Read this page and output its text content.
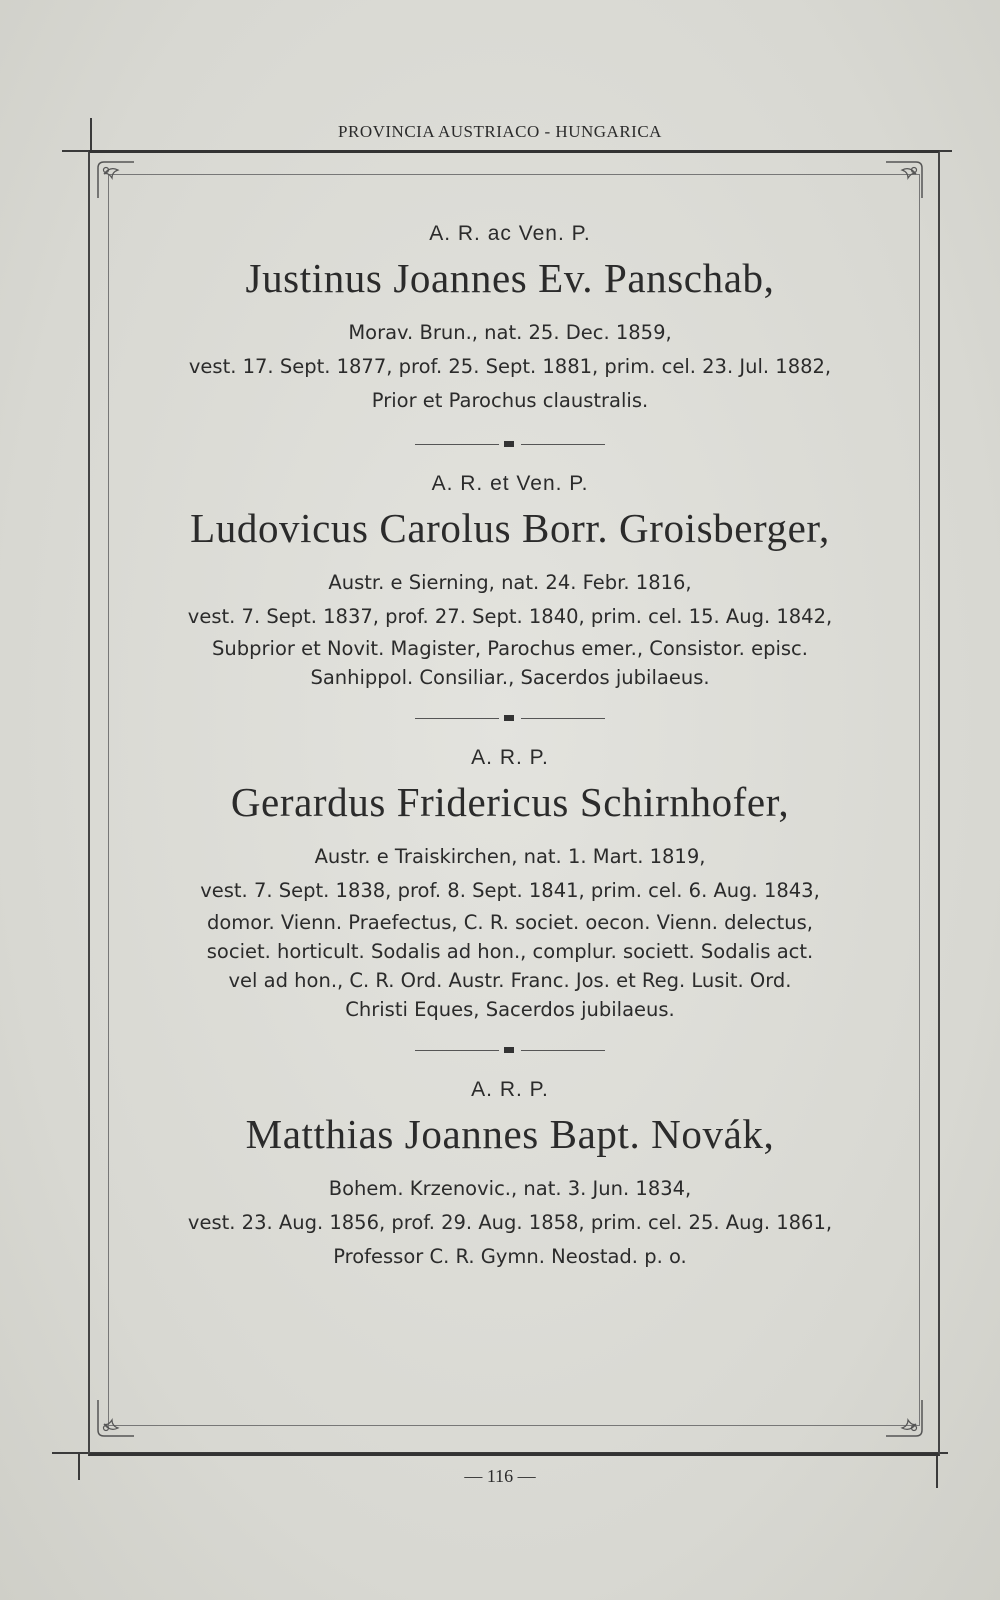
PROVINCIA AUSTRIACO - HUNGARICA

A. R. ac Ven. P.

Justinus Joannes Ev. Panschab,

Morav. Brun., nat. 25. Dec. 1859,

vest. 17. Sept. 1877, prof. 25. Sept. 1881, prim. cel. 23. Jul. 1882,

Prior et Parochus claustralis.

A. R. et Ven. P.

Ludovicus Carolus Borr. Groisberger,

Austr. e Sierning, nat. 24. Febr. 1816,

vest. 7. Sept. 1837, prof. 27. Sept. 1840, prim. cel. 15. Aug. 1842,

Subprior et Novit. Magister, Parochus emer., Consistor. episc.

Sanhippol. Consiliar., Sacerdos jubilaeus.

A. R. P.

Gerardus Fridericus Schirnhofer,

Austr. e Traiskirchen, nat. 1. Mart. 1819,

vest. 7. Sept. 1838, prof. 8. Sept. 1841, prim. cel. 6. Aug. 1843,

domor. Vienn. Praefectus, C. R. societ. oecon. Vienn. delectus,

societ. horticult. Sodalis ad hon., complur. societt. Sodalis act.

vel ad hon., C. R. Ord. Austr. Franc. Jos. et Reg. Lusit. Ord.

Christi Eques, Sacerdos jubilaeus.

A. R. P.

Matthias Joannes Bapt. Novák,

Bohem. Krzenovic., nat. 3. Jun. 1834,

vest. 23. Aug. 1856, prof. 29. Aug. 1858, prim. cel. 25. Aug. 1861,

Professor C. R. Gymn. Neostad. p. o.

— 116 —
